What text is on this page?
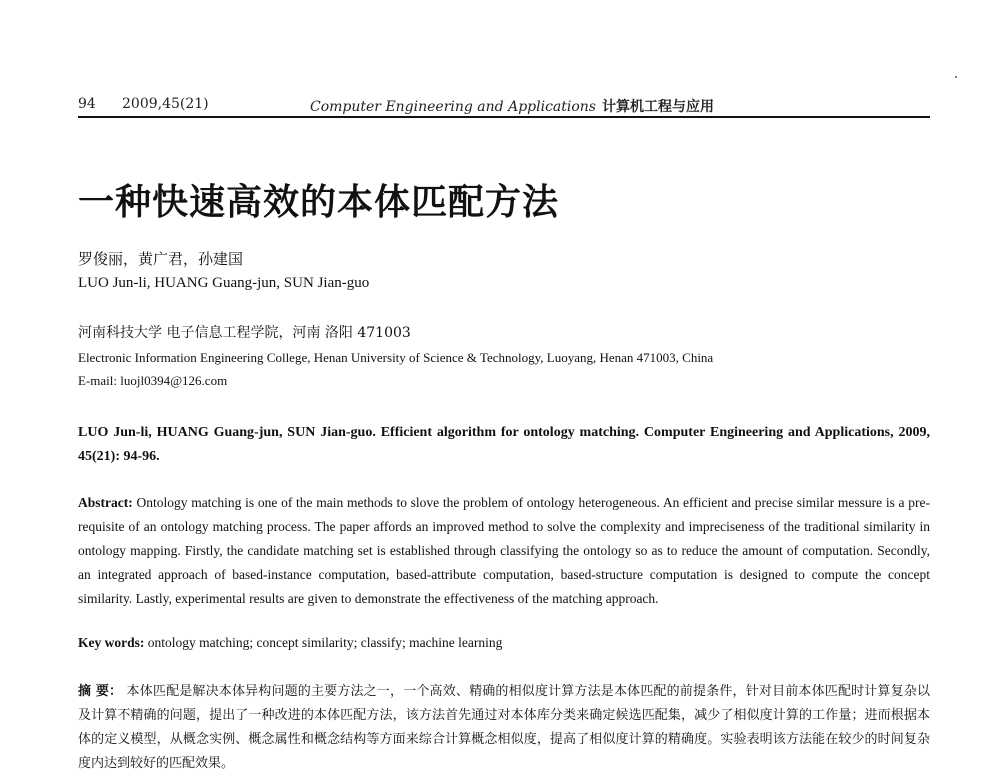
94 2009,45(21)	Computer Engineering and Applications 计算机工程与应用
一种快速高效的本体匹配方法
罗俊丽，黄广君，孙建国
LUO Jun-li, HUANG Guang-jun, SUN Jian-guo
河南科技大学 电子信息工程学院，河南 洛阳 471003
Electronic Information Engineering College, Henan University of Science & Technology, Luoyang, Henan 471003, China
E-mail: luojl0394@126.com
LUO Jun-li, HUANG Guang-jun, SUN Jian-guo. Efficient algorithm for ontology matching. Computer Engineering and Applications, 2009, 45(21): 94-96.
Abstract: Ontology matching is one of the main methods to slove the problem of ontology heterogeneous. An efficient and precise similar messure is a pre-requisite of an ontology matching process. The paper affords an improved method to solve the complexity and impreciseness of the traditional similarity in ontology mapping. Firstly, the candidate matching set is established through classifying the ontology so as to reduce the amount of computation. Secondly, an integrated approach of based-instance computation, based-attribute computation, based-structure computation is designed to compute the concept similarity. Lastly, experimental results are given to demonstrate the effectiveness of the matching approach.
Key words: ontology matching; concept similarity; classify; machine learning
摘 要： 本体匹配是解决本体异构问题的主要方法之一，一个高效、精确的相似度计算方法是本体匹配的前提条件，针对目前本体匹配时计算复杂以及计算不精确的问题，提出了一种改进的本体匹配方法，该方法首先通过对本体库分类来确定候选匹配集，减少了相似度计算的工作量；进而根据本体的定义模型，从概念实例、概念属性和概念结构等方面来综合计算概念相似度，提高了相似度计算的精确度。实验表明该方法能在较少的时间复杂度内达到较好的匹配效果。
